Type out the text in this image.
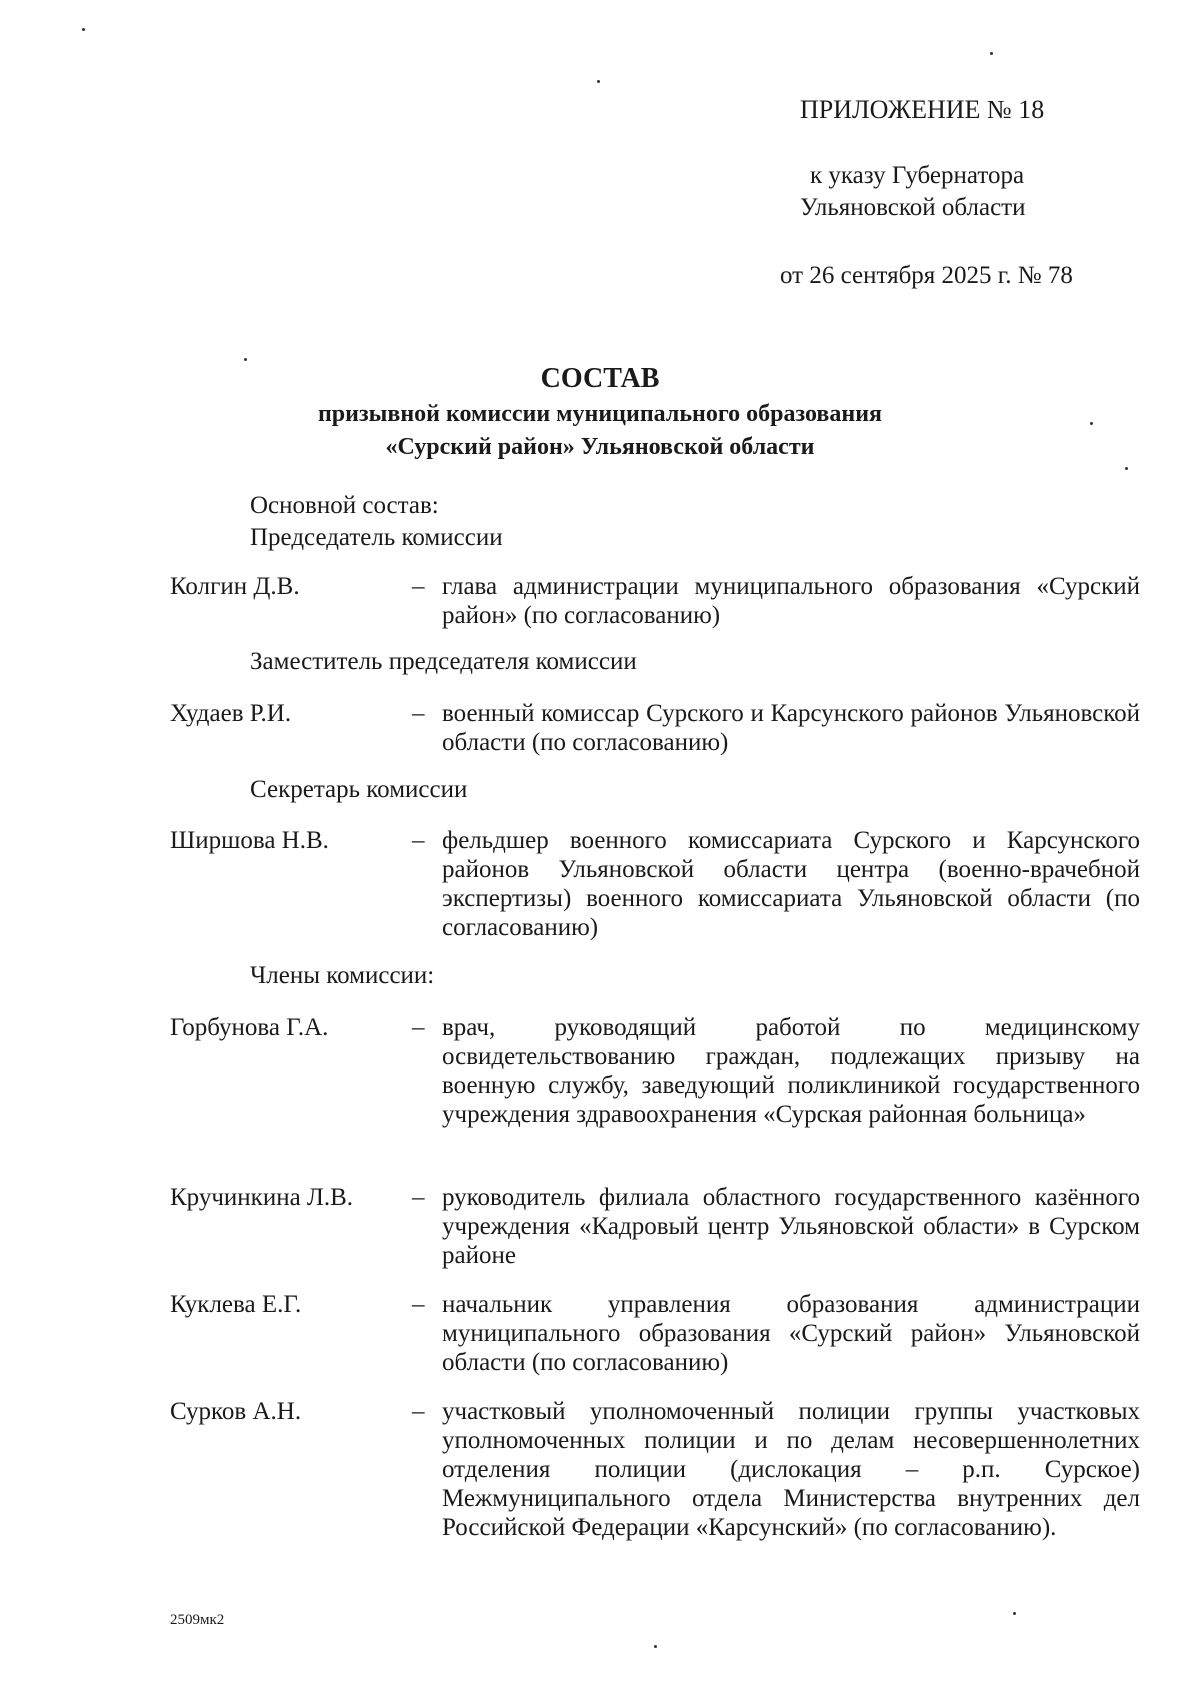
ПРИЛОЖЕНИЕ № 18
к указу Губернатора
Ульяновской области
от 26 сентября 2025 г. № 78
СОСТАВ
призывной комиссии муниципального образования
«Сурский район» Ульяновской области
Основной состав:
Председатель комиссии
Колгин Д.В.	– глава администрации муниципального образования «Сурский район» (по согласованию)
Заместитель председателя комиссии
Худаев Р.И.	– военный комиссар Сурского и Карсунского районов Ульяновской области (по согласованию)
Секретарь комиссии
Ширшова Н.В.	– фельдшер военного комиссариата Сурского и Карсунского районов Ульяновской области центра (военно-врачебной экспертизы) военного комиссариата Ульяновской области (по согласованию)
Члены комиссии:
Горбунова Г.А.	– врач, руководящий работой по медицинскому освидетельствованию граждан, подлежащих призыву на военную службу, заведующий поликлиникой государственного учреждения здравоохранения «Сурская районная больница»
Кручинкина Л.В. – руководитель филиала областного государственного казённого учреждения «Кадровый центр Ульяновской области» в Сурском районе
Куклева Е.Г.	– начальник управления образования администрации муниципального образования «Сурский район» Ульяновской области (по согласованию)
Сурков А.Н.	– участковый уполномоченный полиции группы участковых уполномоченных полиции и по делам несовершеннолетних отделения полиции (дислокация – р.п. Сурское) Межмуниципального отдела Министерства внутренних дел Российской Федерации «Карсунский» (по согласованию).
2509мк2
